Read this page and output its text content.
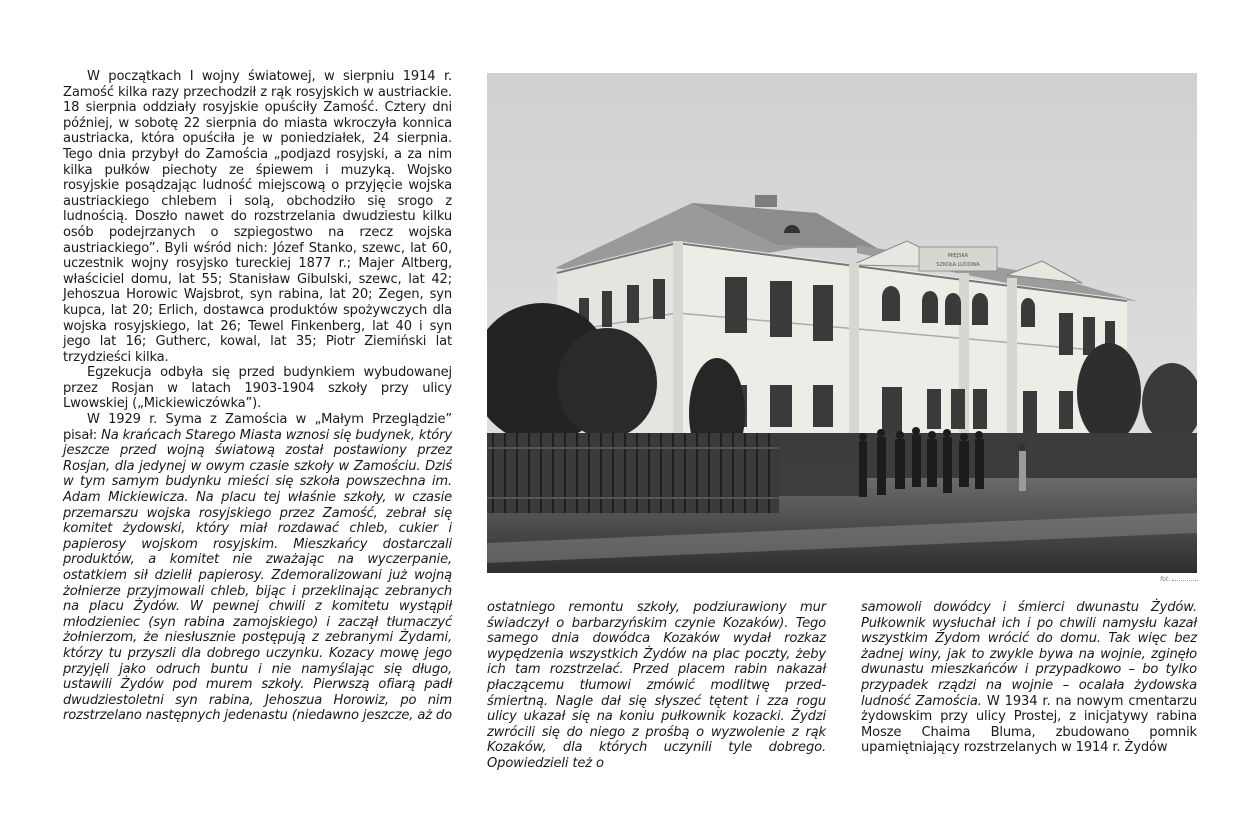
W początkach I wojny światowej, w sierpniu 1914 r. Zamość kilka razy przechodził z rąk rosyjskich w austriackie. 18 sierpnia oddziały rosyjskie opuściły Zamość. Cztery dni później, w sobotę 22 sierpnia do miasta wkroczyła konnica austriacka, która opuściła je w poniedziałek, 24 sierpnia. Tego dnia przybył do Zamościa „podjazd rosyjski, a za nim kilka pułków piechoty ze śpiewem i muzyką. Wojsko rosyjskie posądzając ludność miejscową o przyjęcie wojska austriackiego chlebem i solą, obchodziło się srogo z ludnością. Doszło nawet do rozstrzelania dwudziestu kilku osób podejrzanych o szpiegostwo na rzecz wojska austriackiego”. Byli wśród nich: Józef Stanko, szewc, lat 60, uczestnik wojny rosyjsko tureckiej 1877 r.; Majer Altberg, właściciel domu, lat 55; Stanisław Gibulski, szewc, lat 42; Jehoszua Horowic Wajsbrot, syn rabina, lat 20; Zegen, syn kupca, lat 20; Erlich, dostawca produktów spożywczych dla wojska rosyjskiego, lat 26; Tewel Finkenberg, lat 40 i syn jego lat 16; Gutherc, kowal, lat 35; Piotr Ziemiński lat trzydzieści kilka.

Egzekucja odbyła się przed budynkiem wybudowanej przez Rosjan w latach 1903-1904 szkoły przy ulicy Lwowskiej („Mickiewiczówka”).

W 1929 r. Syma z Zamościa w „Małym Przeglądzie” pisał: Na krańcach Starego Miasta wznosi się budynek, który jeszcze przed wojną światową został postawiony przez Rosjan, dla jedynej w owym czasie szkoły w Zamościu. Dziś w tym samym budynku mieści się szkoła powszechna im. Adam Mickiewicza. Na placu tej właśnie szkoły, w czasie przemarszu wojska rosyjskiego przez Zamość, zebrał się komitet żydowski, który miał rozdawać chleb, cukier i papierosy wojskom rosyjskim. Mieszkańcy dostarczali produktów, a komitet nie zważając na wyczerpanie, ostatkiem sił dzielił papierosy. Zdemoralizowani już wojną żołnierze przyjmowali chleb, bijąc i przeklinając zebranych na placu Żydów. W pewnej chwili z komitetu wystąpił młodzieniec (syn rabina zamojskiego) i zaczął tłumaczyć żołnierzom, że niesłusznie postępują z zebranymi Żydami, którzy tu przyszli dla dobrego uczynku. Kozacy mowę jego przyjęli jako odruch buntu i nie namyślając się długo, ustawili Żydów pod murem szkoły. Pierwszą ofiarą padł dwudziestoletni syn rabina, Jehoszua Horowiz, po nim rozstrzelano następnych jedenastu (niedawno jeszcze, aż do

MIEJSKA
SZKOŁA LUDOWA
fot.

ostatniego remontu szkoły, podziurawiony mur świadczył o barbarzyńskim czynie Kozaków). Tego samego dnia dowódca Kozaków wydał rozkaz wypędzenia wszystkich Żydów na plac poczty, żeby ich tam rozstrzelać. Przed placem rabin nakazał płaczącemu tłumowi zmówić modlitwę przed-śmiertną. Nagle dał się słyszeć tętent i zza rogu ulicy ukazał się na koniu pułkownik kozacki. Żydzi zwrócili się do niego z prośbą o wyzwolenie z rąk Kozaków, dla których uczynili tyle dobrego. Opowiedzieli też o

samowoli dowódcy i śmierci dwunastu Żydów. Pułkownik wysłuchał ich i po chwili namysłu kazał wszystkim Żydom wrócić do domu. Tak więc bez żadnej winy, jak to zwykle bywa na wojnie, zginęło dwunastu mieszkańców i przypadkowo – bo tylko przypadek rządzi na wojnie – ocalała żydowska ludność Zamościa. W 1934 r. na nowym cmentarzu żydowskim przy ulicy Prostej, z inicjatywy rabina Mosze Chaima Bluma, zbudowano pomnik upamiętniający rozstrzelanych w 1914 r. Żydów
